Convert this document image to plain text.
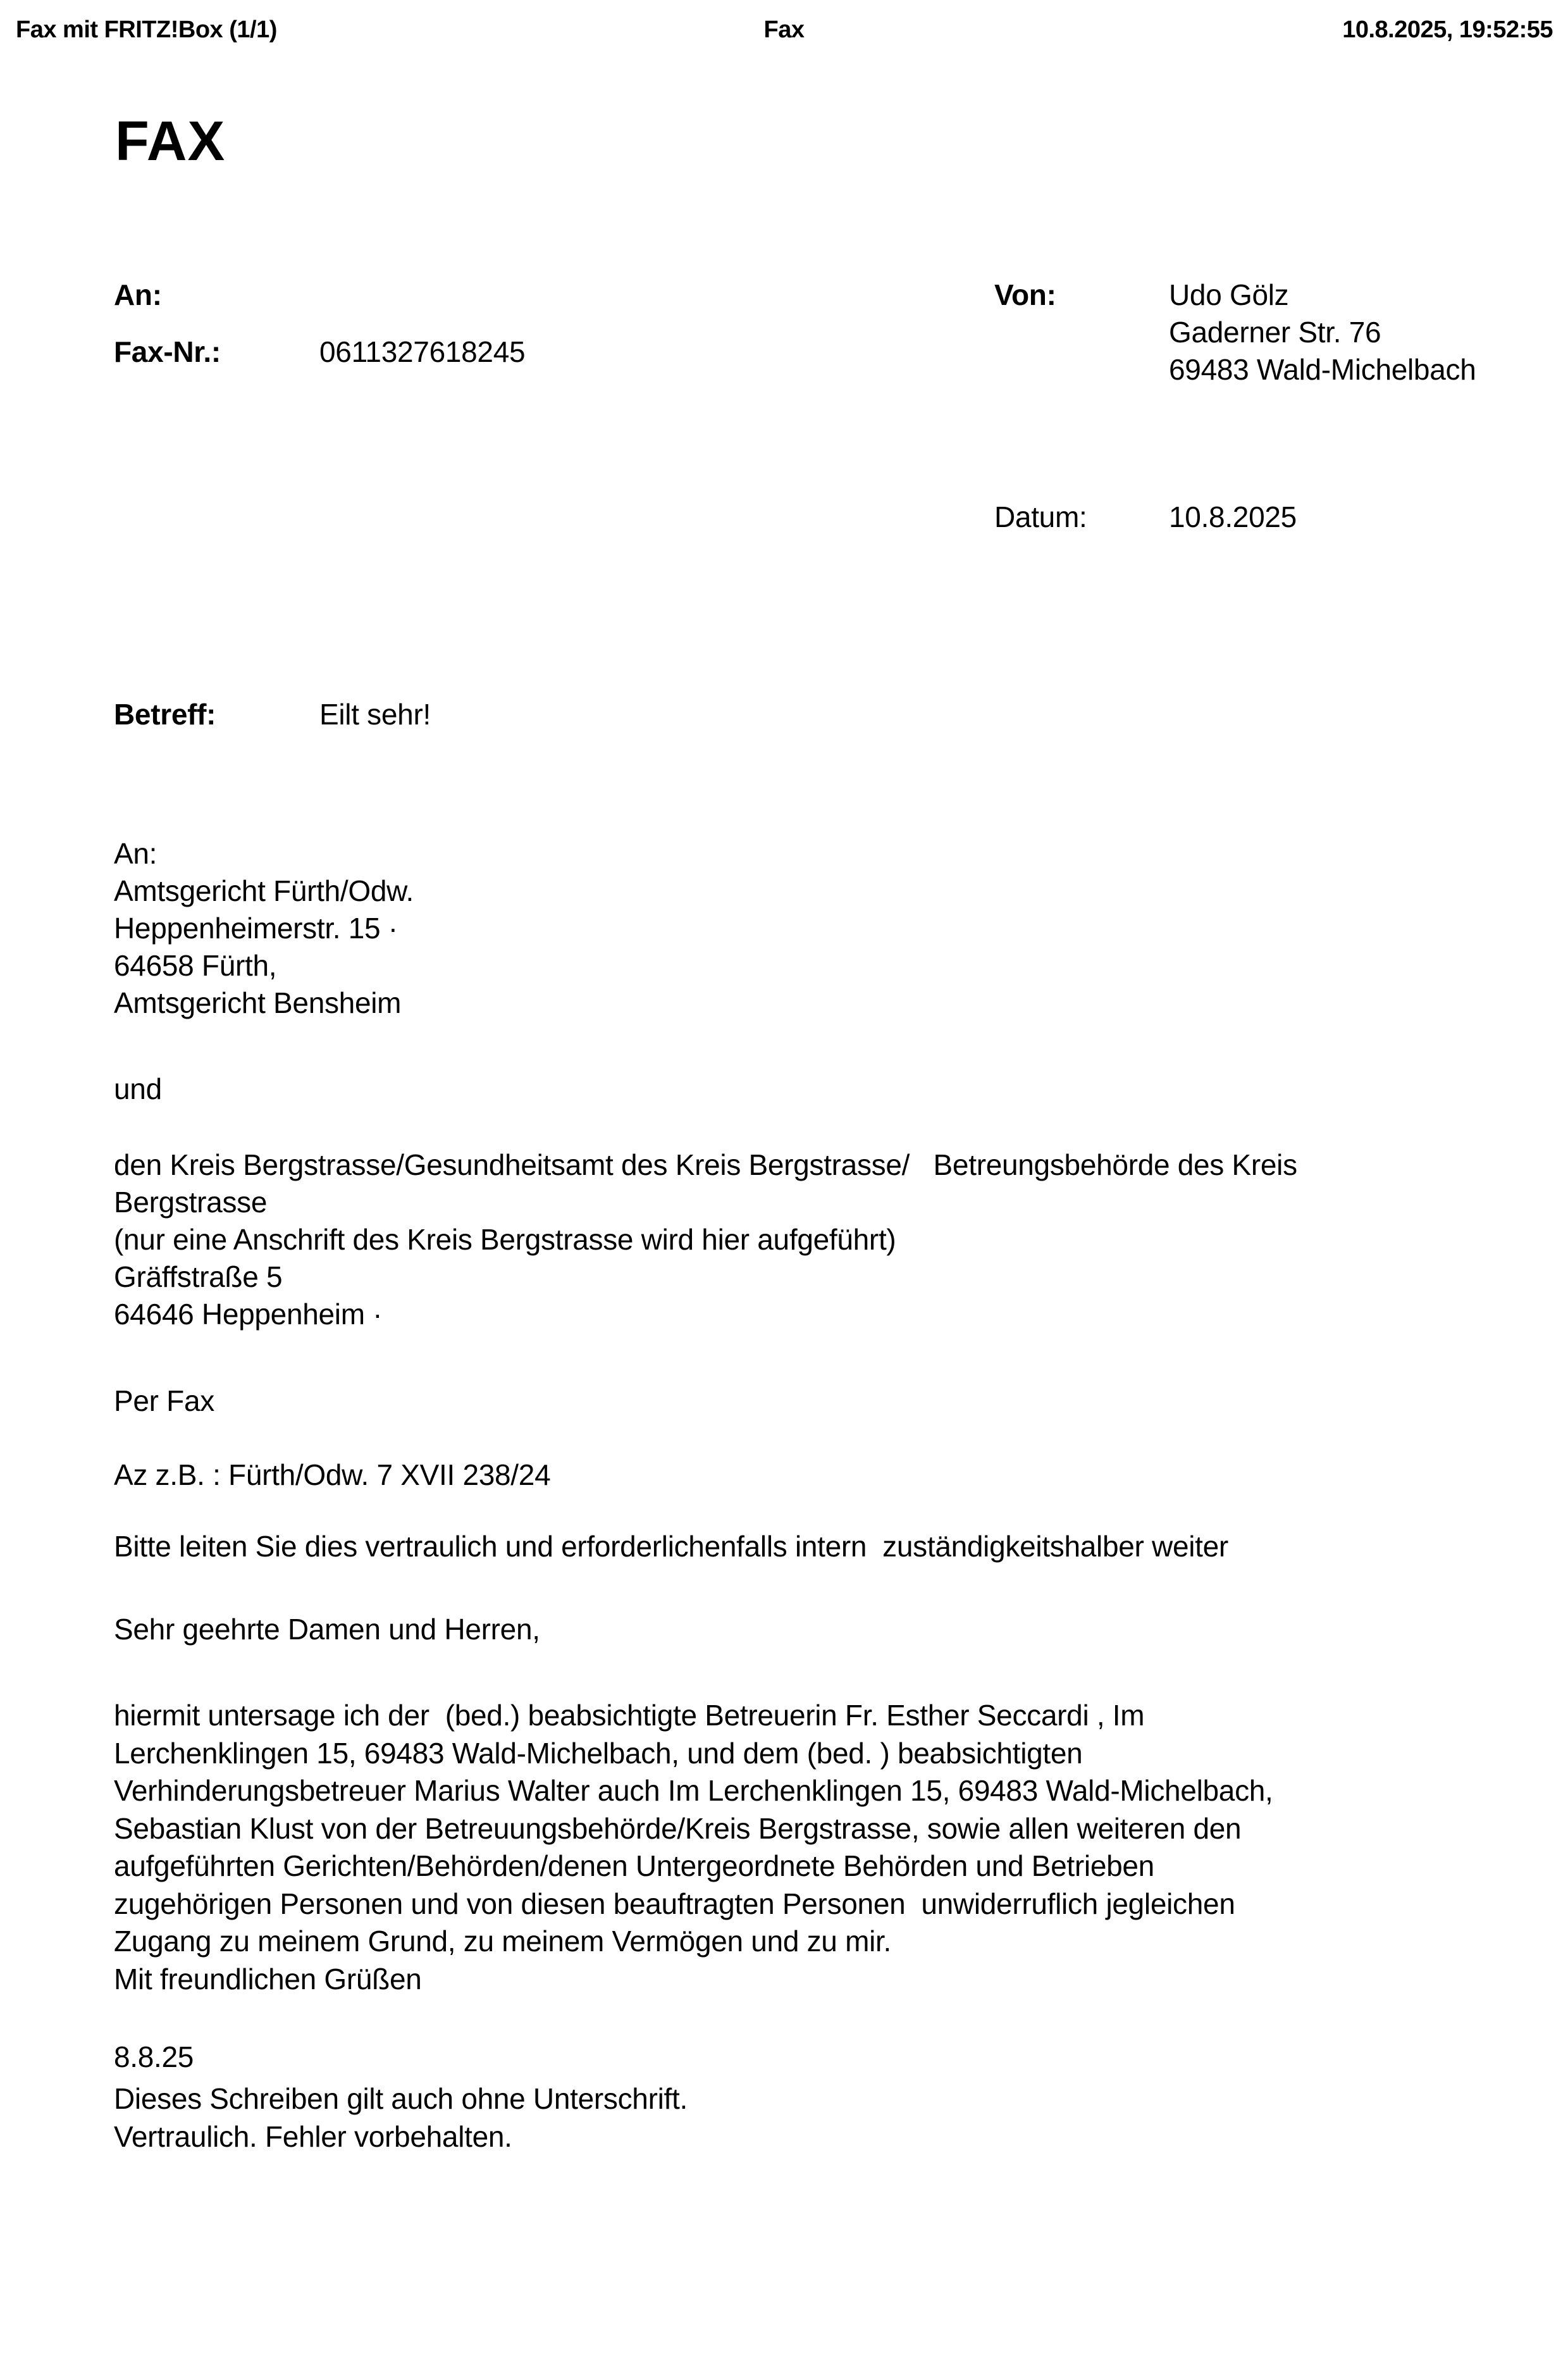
Fax mit FRITZ!Box (1/1)

	Fax

	10.8.2025, 19:52:55

FAX
An:
Fax-Nr.:	0611327618245
Von:	Udo Gölz
Gaderner Str. 76
69483 Wald-Michelbach
Datum:	10.8.2025
Betreff:	Eilt sehr!
An:
Amtsgericht Fürth/Odw.
Heppenheimerstr. 15 ·
64658 Fürth,
Amtsgericht Bensheim
und
den Kreis Bergstrasse/Gesundheitsamt des Kreis Bergstrasse/   Betreungsbehörde des Kreis
Bergstrasse
(nur eine Anschrift des Kreis Bergstrasse wird hier aufgeführt)
Gräffstraße 5
64646 Heppenheim ·
Per Fax
Az z.B. : Fürth/Odw. 7 XVII 238/24
Bitte leiten Sie dies vertraulich und erforderlichenfalls intern  zuständigkeitshalber weiter
Sehr geehrte Damen und Herren,
hiermit untersage ich der  (bed.) beabsichtigte Betreuerin Fr. Esther Seccardi , Im
Lerchenklingen 15, 69483 Wald-Michelbach, und dem (bed. ) beabsichtigten
Verhinderungsbetreuer Marius Walter auch Im Lerchenklingen 15, 69483 Wald-Michelbach,
Sebastian Klust von der Betreuungsbehörde/Kreis Bergstrasse, sowie allen weiteren den
aufgeführten Gerichten/Behörden/denen Untergeordnete Behörden und Betrieben
zugehörigen Personen und von diesen beauftragten Personen  unwiderruflich jegleichen
Zugang zu meinem Grund, zu meinem Vermögen und zu mir.
Mit freundlichen Grüßen
8.8.25
Dieses Schreiben gilt auch ohne Unterschrift.
Vertraulich. Fehler vorbehalten.
